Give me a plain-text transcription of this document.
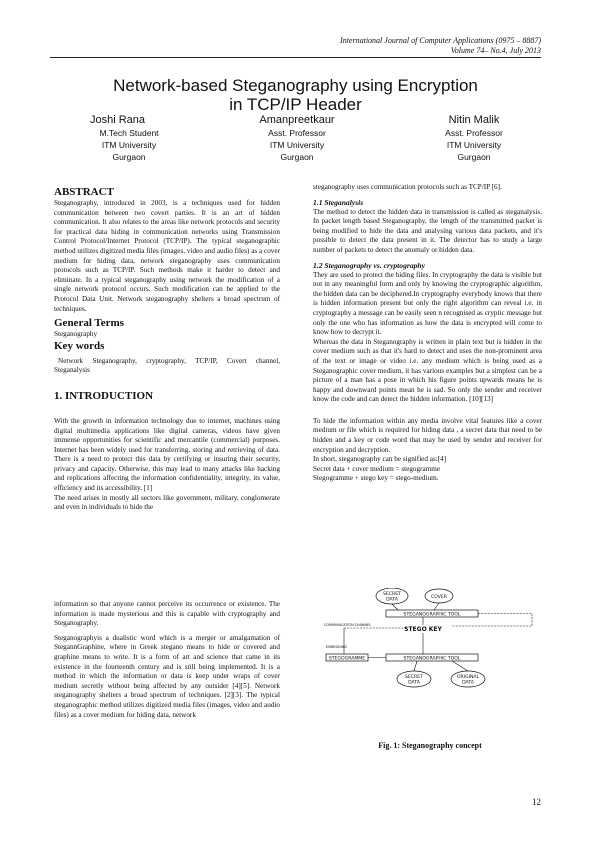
International Journal of Computer Applications (0975 – 8887)
Volume 74– No.4, July 2013
Network-based Steganography using Encryption
in TCP/IP Header
Joshi Rana
M.Tech Student
ITM University
Gurgaon
Amanpreetkaur
Asst. Professor
ITM University
Gurgaon
Nitin Malik
Asst. Professor
ITM University
Gurgaon
ABSTRACT

Steganography, introduced in 2003, is a techniques used for hidden communication between two covert parties. It is an art of hidden communication. It also relates to the areas like network protocols and security for practical data hiding in communication networks using Transmission Control Protocol/Internet Protocol (TCP/IP). The typical steganographic method utilizes digitized media files (images, video and audio files) as a cover medium for hiding data, network steganography uses communication protocols such as TCP/IP. Such methods make it harder to detect and eliminate. In a typical steganography using network the modification of a single network protocol occurs. Such modification can be applied to the Protocol Data Unit. Network steganography shelters a broad spectrum of techniques.

General Terms

Steganography

Key words

Network Steganography, cryptography, TCP/IP, Covert channel, Steganalysis

1. INTRODUCTION

With the growth in information technology due to internet, machines using digital multimedia applications like digital cameras, videos have given immense opportunities for scientific and mercantile (commercial) purposes. Internet has been widely used for transferring, storing and retrieving of data. There is a need to protect this data by certifying or insuring their security, privacy and capacity. Otherwise, this may lead to many attacks like hacking and replications affecting the information confidentiality, integrity, its value, efficiency and its accessibility. [1]

The need arises in mostly all sectors like government, military, conglomerate and even in individuals to hide the

information so that anyone cannot perceive its occurrence or existence. The information is made mysterious and this is capable with cryptography and Steganography.

Steganographyis a dualistic word which is a merger or amalgamation of StegannGraphine, where in Greek stegano means to hide or covered and graphine means to write. It is a form of art and science that came in its existence in the fourteenth century and is still being implemented. It is a method in which the information or data is keep under wraps of cover medium secretly without being affected by any outsider [4][5]. Network steganography shelters a broad spectrum of techniques. [2][3]. The typical steganographic method utilizes digitized media files (images, video and audio files) as a cover medium for hiding data, network

steganography uses communication protocols such as TCP/IP [6].

1.1 Steganalysis

The method to detect the hidden data in transmission is called as steganalysis. In packet length based Steganography, the length of the transmitted packet is being modified to hide the data and analysing various data packets, and it's possible to detect the data present in it. The detector has to study a large number of packets to detect the anomaly or hidden data.

1.2 Steganography vs. cryptography

They are used to protect the hiding files. In cryptography the data is visible but not in any meaningful form and only by knowing the cryptographic algorithm, the hidden data can be deciphered.In cryptography everybody knows that there is hidden information present but only the right algorithm can reveal i.e. in cryptography a message can be easily seen n recognised as cryptic message but only the one who has information as how the data is encrypted will come to know how to decrypt it.

Whereas the data in Steganography is written in plain text but is hidden in the cover medium such as that it's hard to detect and uses the non-prominent area of the text or image or video i.e. any medium which is being used as a Steganographic cover medium, it has various examples but a simplest can be a picture of a man has a pose in which his figure points upwards means he is happy and downward points mean he is sad. So only the sender and receiver know the code and can detect the hidden information. [10][13]

To hide the information within any media involve vital features like a cover medium or file which is required for hiding data , a secret data that need to be hidden and a key or code word that may be used by sender and receiver for encryption and decryption.

In short, steganography can be signified as:[4]

Secret data + cover medium = stegogramme

Stegogramme + stego key = stego-medium.

SECRET
DATA	COVER
STEGANOGRAPHIC TOOL
STEGO KEY
STEGOGRAMME	STEGANOGRAPHIC TOOL
SECRET
DATA
ORIGINAL
DATA
COMMUNICATION CHANNEL
EMBEDDING
Fig. 1: Steganography concept
12
